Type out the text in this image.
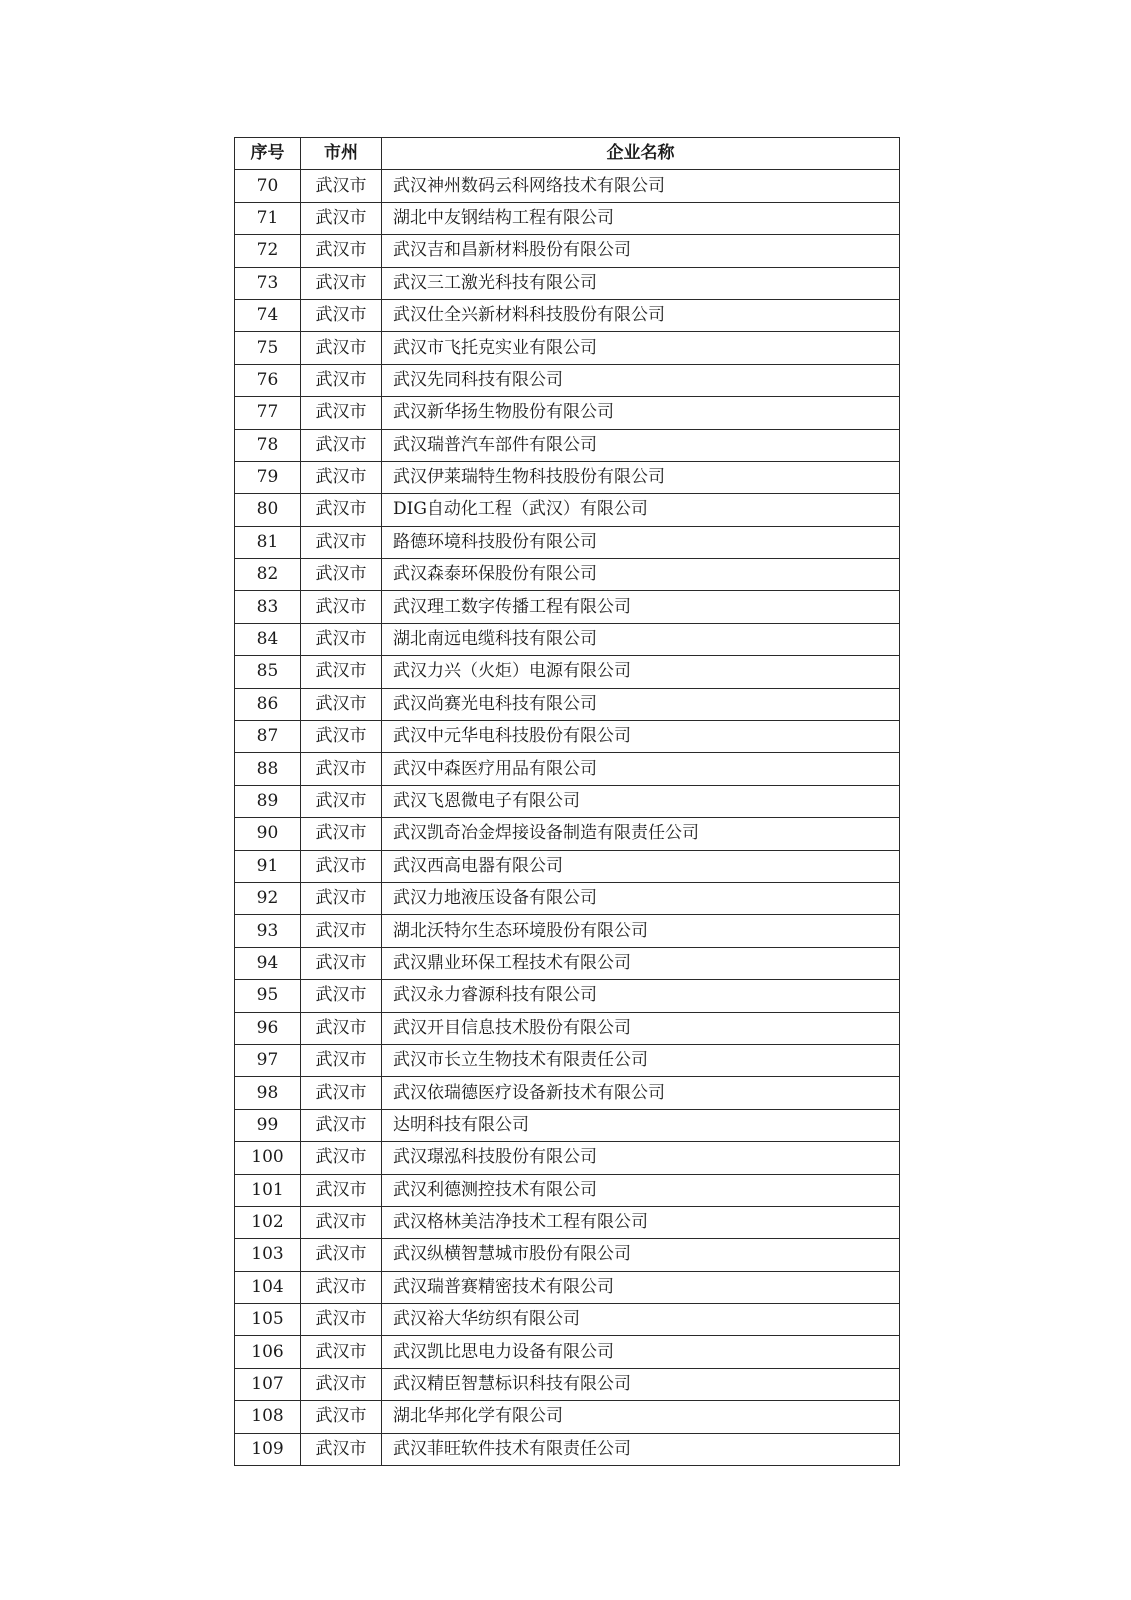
序号	市州	企业名称
70	武汉市	武汉神州数码云科网络技术有限公司
71	武汉市	湖北中友钢结构工程有限公司
72	武汉市	武汉吉和昌新材料股份有限公司
73	武汉市	武汉三工激光科技有限公司
74	武汉市	武汉仕全兴新材料科技股份有限公司
75	武汉市	武汉市飞托克实业有限公司
76	武汉市	武汉先同科技有限公司
77	武汉市	武汉新华扬生物股份有限公司
78	武汉市	武汉瑞普汽车部件有限公司
79	武汉市	武汉伊莱瑞特生物科技股份有限公司
80	武汉市	DIG自动化工程（武汉）有限公司
81	武汉市	路德环境科技股份有限公司
82	武汉市	武汉森泰环保股份有限公司
83	武汉市	武汉理工数字传播工程有限公司
84	武汉市	湖北南远电缆科技有限公司
85	武汉市	武汉力兴（火炬）电源有限公司
86	武汉市	武汉尚赛光电科技有限公司
87	武汉市	武汉中元华电科技股份有限公司
88	武汉市	武汉中森医疗用品有限公司
89	武汉市	武汉飞恩微电子有限公司
90	武汉市	武汉凯奇冶金焊接设备制造有限责任公司
91	武汉市	武汉西高电器有限公司
92	武汉市	武汉力地液压设备有限公司
93	武汉市	湖北沃特尔生态环境股份有限公司
94	武汉市	武汉鼎业环保工程技术有限公司
95	武汉市	武汉永力睿源科技有限公司
96	武汉市	武汉开目信息技术股份有限公司
97	武汉市	武汉市长立生物技术有限责任公司
98	武汉市	武汉依瑞德医疗设备新技术有限公司
99	武汉市	达明科技有限公司
100	武汉市	武汉璟泓科技股份有限公司
101	武汉市	武汉利德测控技术有限公司
102	武汉市	武汉格林美洁净技术工程有限公司
103	武汉市	武汉纵横智慧城市股份有限公司
104	武汉市	武汉瑞普赛精密技术有限公司
105	武汉市	武汉裕大华纺织有限公司
106	武汉市	武汉凯比思电力设备有限公司
107	武汉市	武汉精臣智慧标识科技有限公司
108	武汉市	湖北华邦化学有限公司
109	武汉市	武汉菲旺软件技术有限责任公司
